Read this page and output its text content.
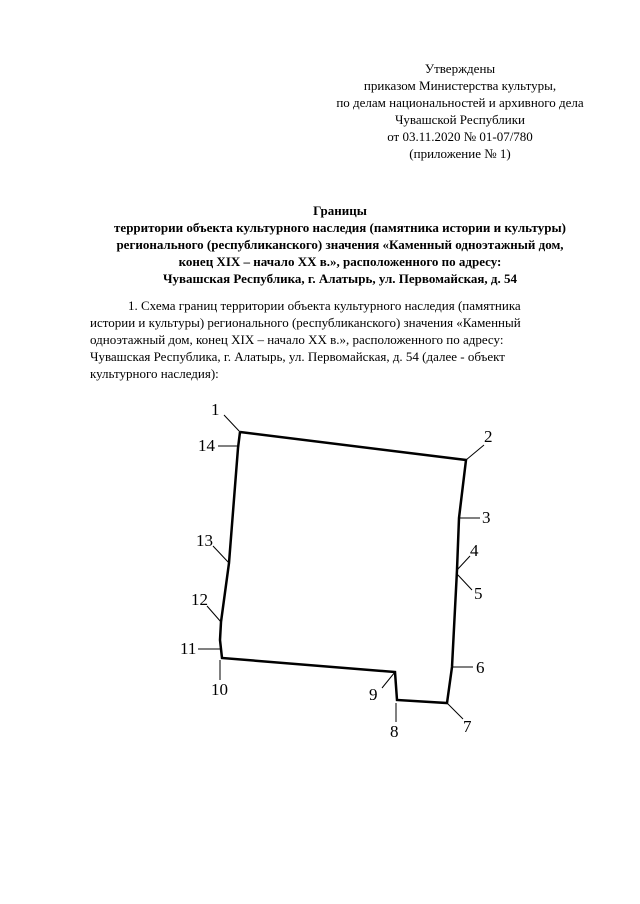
Утверждены
приказом Министерства культуры,
по делам национальностей и архивного дела
Чувашской Республики
от 03.11.2020 № 01-07/780
(приложение № 1)
Границы
территории объекта культурного наследия (памятника истории и культуры)
регионального (республиканского) значения «Каменный одноэтажный дом,
конец XIX – начало XX в.», расположенного по адресу:
Чувашская Республика, г. Алатырь, ул. Первомайская, д. 54
1. Схема границ территории объекта культурного наследия (памятника
истории и культуры) регионального (республиканского) значения «Каменный
одноэтажный дом, конец XIX – начало XX в.», расположенного по адресу:
Чувашская Республика, г. Алатырь, ул. Первомайская, д. 54 (далее - объект
культурного наследия):
1
2
3
4
5
6
7
8
9
10
11
12
13
14
